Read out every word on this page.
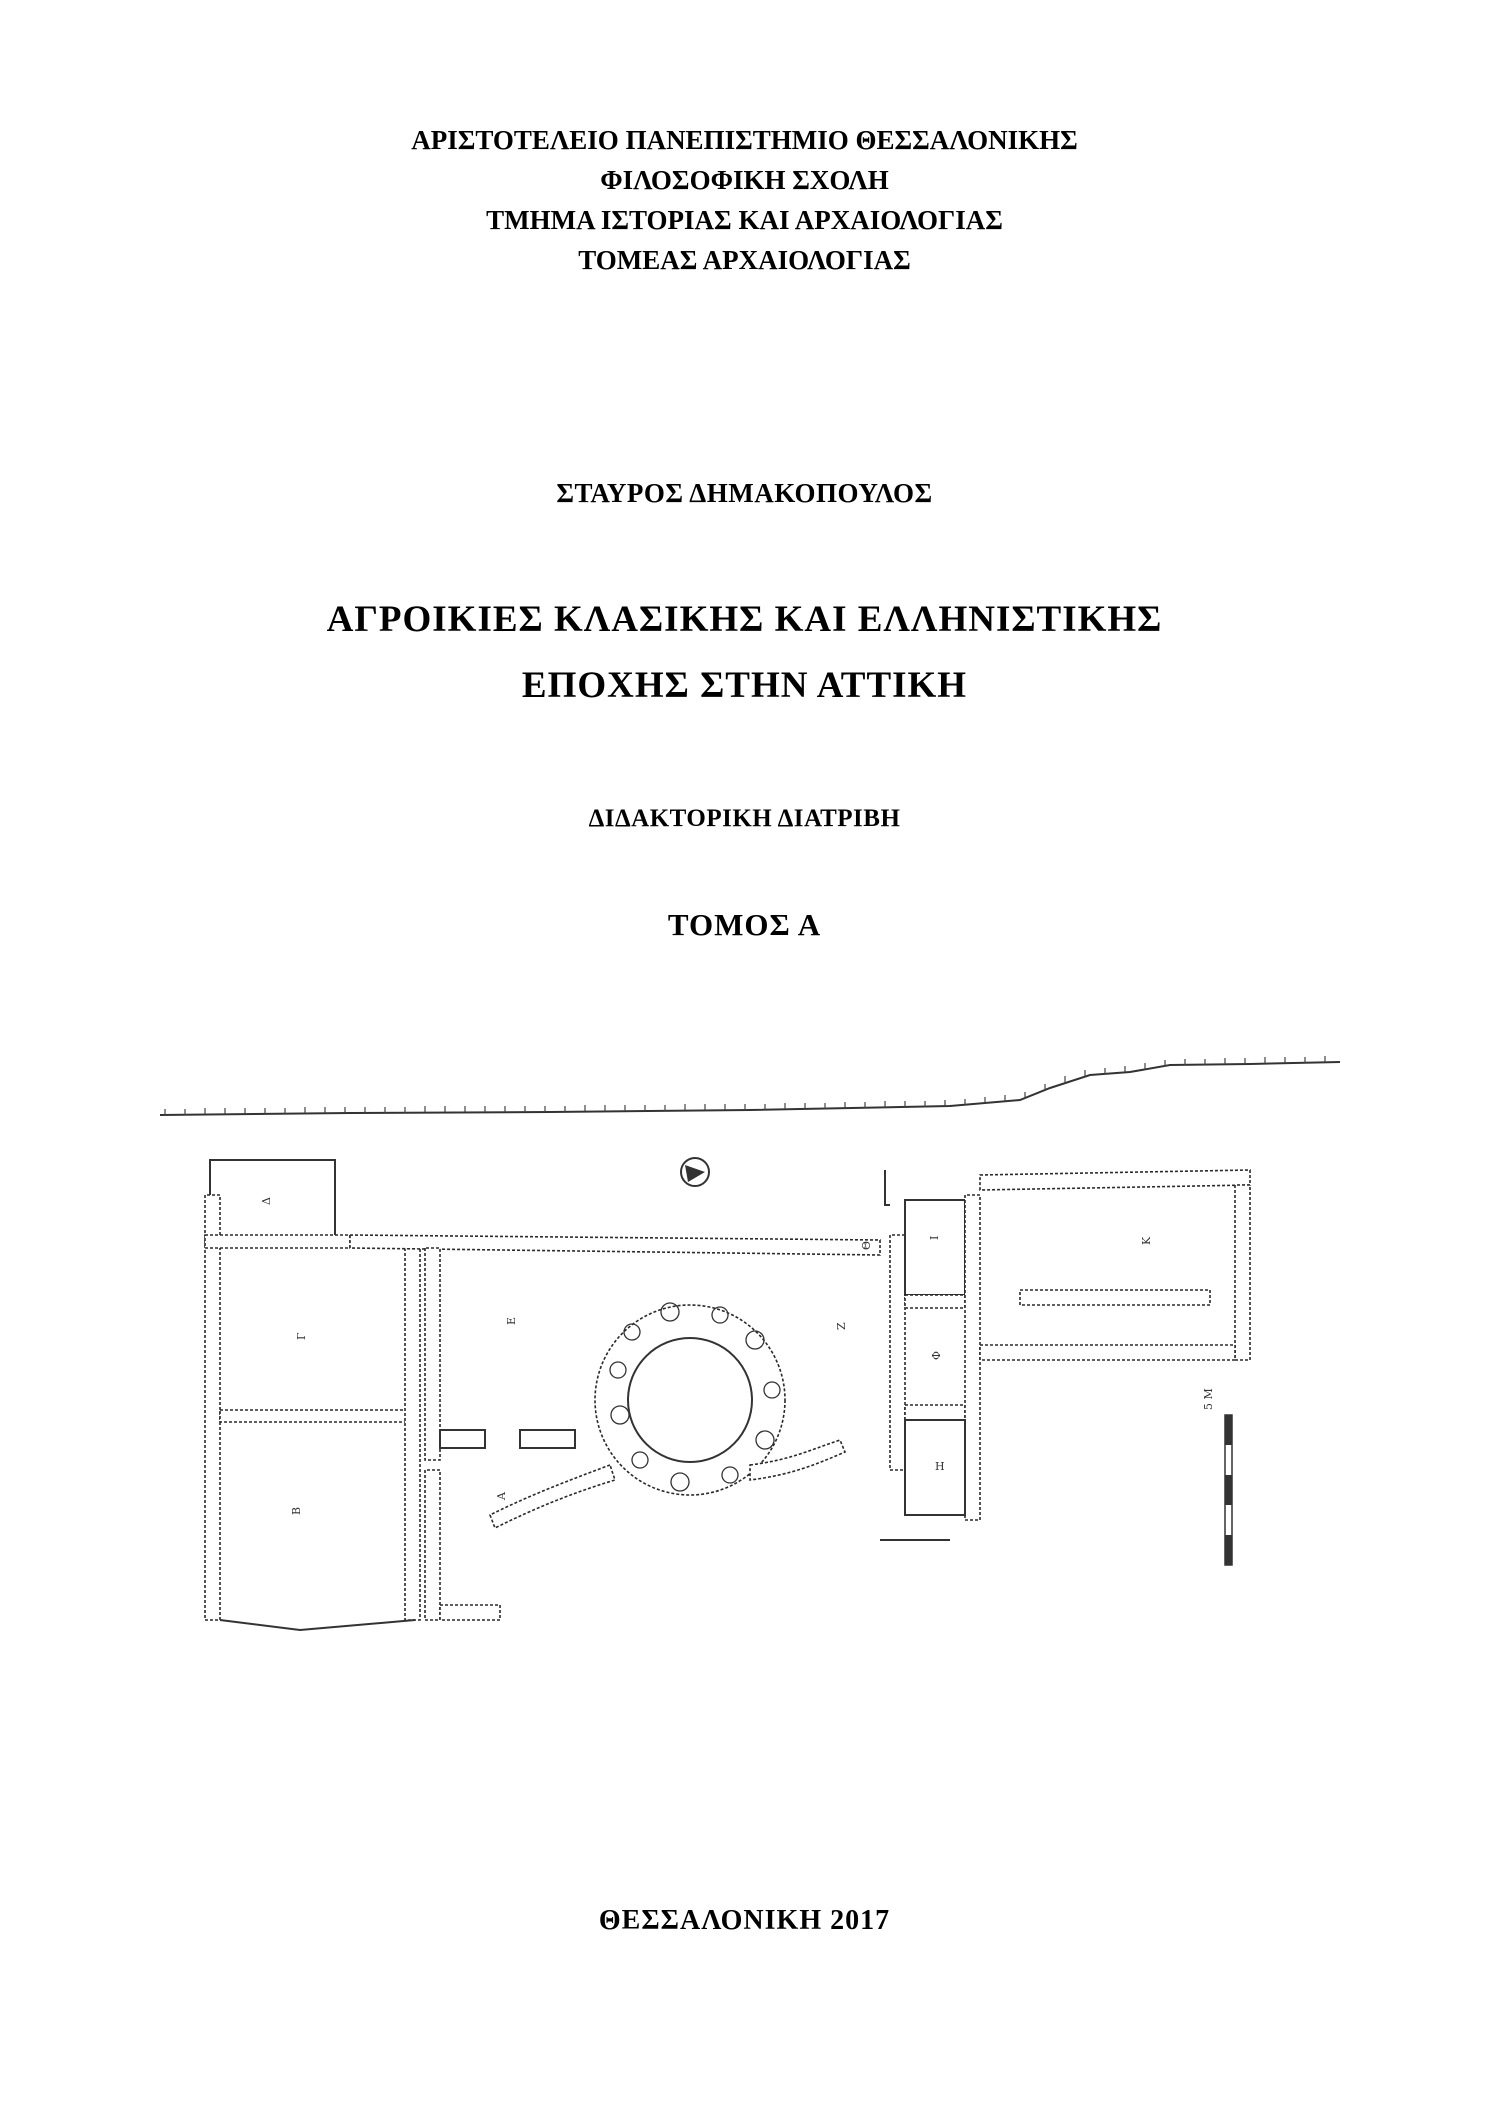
ΑΡΙΣΤΟΤΕΛΕΙΟ ΠΑΝΕΠΙΣΤΗΜΙΟ ΘΕΣΣΑΛΟΝΙΚΗΣ
ΦΙΛΟΣΟΦΙΚΗ ΣΧΟΛΗ
ΤΜΗΜΑ ΙΣΤΟΡΙΑΣ ΚΑΙ ΑΡΧΑΙΟΛΟΓΙΑΣ
ΤΟΜΕΑΣ ΑΡΧΑΙΟΛΟΓΙΑΣ
ΣΤΑΥΡΟΣ ΔΗΜΑΚΟΠΟΥΛΟΣ
ΑΓΡΟΙΚΙΕΣ ΚΛΑΣΙΚΗΣ ΚΑΙ ΕΛΛΗΝΙΣΤΙΚΗΣ
ΕΠΟΧΗΣ ΣΤΗΝ ΑΤΤΙΚΗ
ΔΙΔΑΚΤΟΡΙΚΗ ΔΙΑΤΡΙΒΗ
ΤΟΜΟΣ Α
5 M
Δ
Γ
Β
Ε
Α
Ζ
Θ
Ι	Κ
Φ
Η
ΘΕΣΣΑΛΟΝΙΚΗ 2017
